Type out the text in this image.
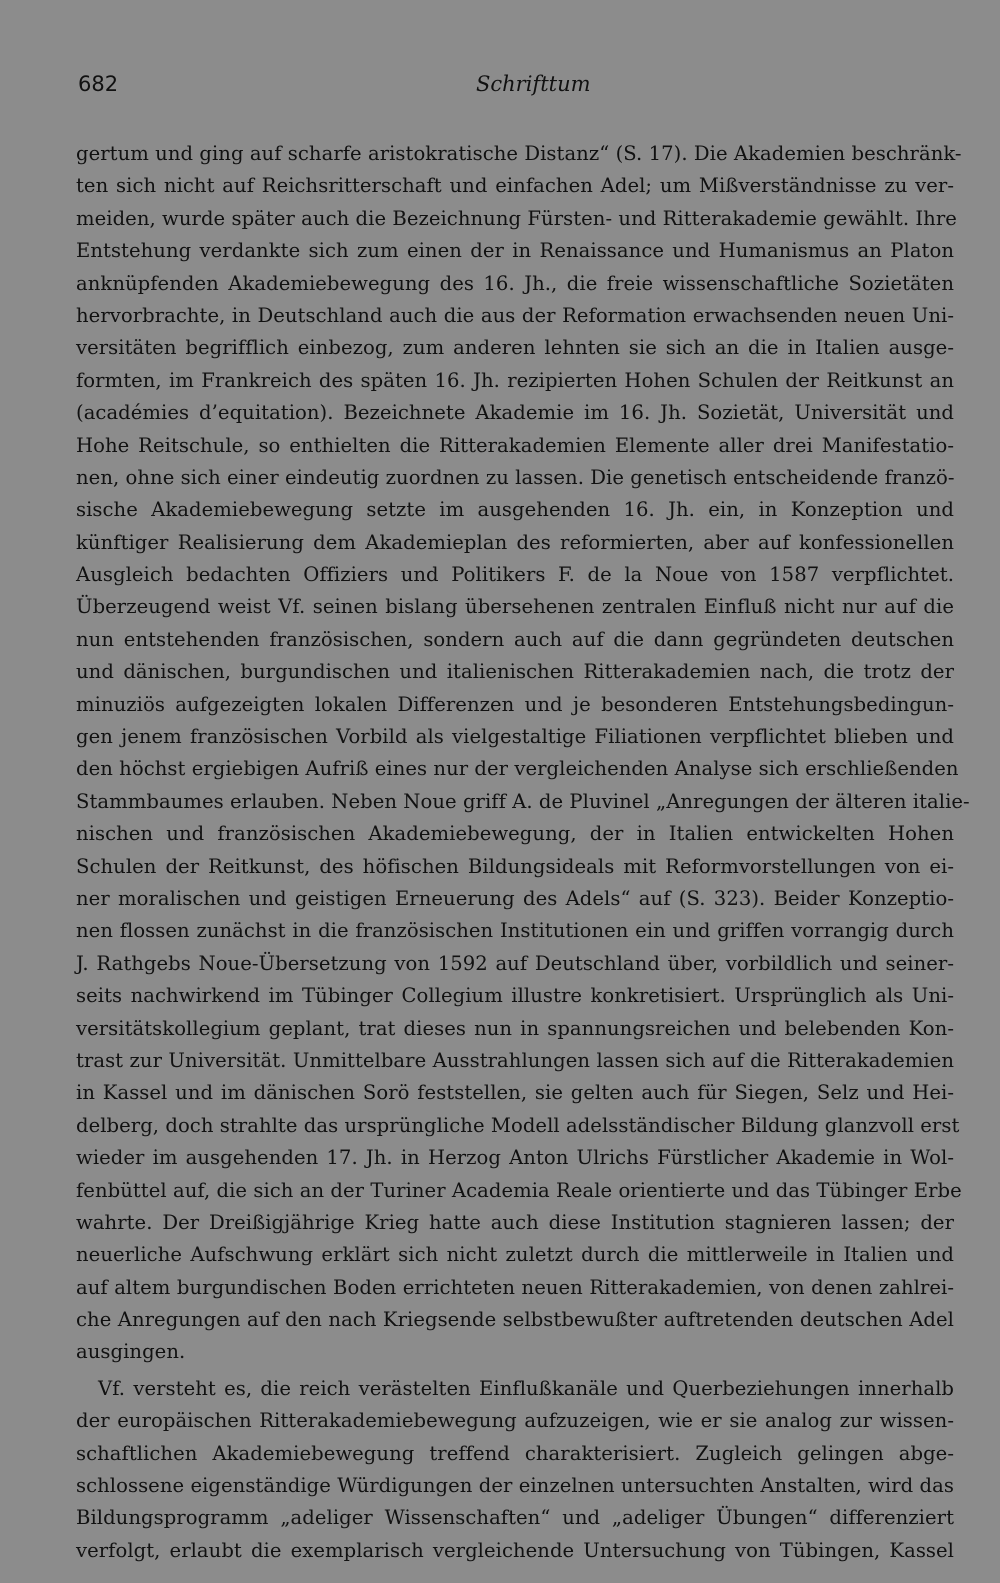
682	Schrifttum
gertum und ging auf scharfe aristokratische Distanz“ (S. 17). Die Akademien beschränk-
ten sich nicht auf Reichsritterschaft und einfachen Adel; um Mißverständnisse zu ver-
meiden, wurde später auch die Bezeichnung Fürsten- und Ritterakademie gewählt. Ihre
Entstehung verdankte sich zum einen der in Renaissance und Humanismus an Platon
anknüpfenden Akademiebewegung des 16. Jh., die freie wissenschaftliche Sozietäten
hervorbrachte, in Deutschland auch die aus der Reformation erwachsenden neuen Uni-
versitäten begrifflich einbezog, zum anderen lehnten sie sich an die in Italien ausge-
formten, im Frankreich des späten 16. Jh. rezipierten Hohen Schulen der Reitkunst an
(académies d’equitation). Bezeichnete Akademie im 16. Jh. Sozietät, Universität und
Hohe Reitschule, so enthielten die Ritterakademien Elemente aller drei Manifestatio-
nen, ohne sich einer eindeutig zuordnen zu lassen. Die genetisch entscheidende franzö-
sische Akademiebewegung setzte im ausgehenden 16. Jh. ein, in Konzeption und
künftiger Realisierung dem Akademieplan des reformierten, aber auf konfessionellen
Ausgleich bedachten Offiziers und Politikers F. de la Noue von 1587 verpflichtet.
Überzeugend weist Vf. seinen bislang übersehenen zentralen Einfluß nicht nur auf die
nun entstehenden französischen, sondern auch auf die dann gegründeten deutschen
und dänischen, burgundischen und italienischen Ritterakademien nach, die trotz der
minuziös aufgezeigten lokalen Differenzen und je besonderen Entstehungsbedingun-
gen jenem französischen Vorbild als vielgestaltige Filiationen verpflichtet blieben und
den höchst ergiebigen Aufriß eines nur der vergleichenden Analyse sich erschließenden
Stammbaumes erlauben. Neben Noue griff A. de Pluvinel „Anregungen der älteren italie-
nischen und französischen Akademiebewegung, der in Italien entwickelten Hohen
Schulen der Reitkunst, des höfischen Bildungsideals mit Reformvorstellungen von ei-
ner moralischen und geistigen Erneuerung des Adels“ auf (S. 323). Beider Konzeptio-
nen flossen zunächst in die französischen Institutionen ein und griffen vorrangig durch
J. Rathgebs Noue-Übersetzung von 1592 auf Deutschland über, vorbildlich und seiner-
seits nachwirkend im Tübinger Collegium illustre konkretisiert. Ursprünglich als Uni-
versitätskollegium geplant, trat dieses nun in spannungsreichen und belebenden Kon-
trast zur Universität. Unmittelbare Ausstrahlungen lassen sich auf die Ritterakademien
in Kassel und im dänischen Sorö feststellen, sie gelten auch für Siegen, Selz und Hei-
delberg, doch strahlte das ursprüngliche Modell adelsständischer Bildung glanzvoll erst
wieder im ausgehenden 17. Jh. in Herzog Anton Ulrichs Fürstlicher Akademie in Wol-
fenbüttel auf, die sich an der Turiner Academia Reale orientierte und das Tübinger Erbe
wahrte. Der Dreißigjährige Krieg hatte auch diese Institution stagnieren lassen; der
neuerliche Aufschwung erklärt sich nicht zuletzt durch die mittlerweile in Italien und
auf altem burgundischen Boden errichteten neuen Ritterakademien, von denen zahlrei-
che Anregungen auf den nach Kriegsende selbstbewußter auftretenden deutschen Adel
ausgingen.
Vf. versteht es, die reich verästelten Einflußkanäle und Querbeziehungen innerhalb
der europäischen Ritterakademiebewegung aufzuzeigen, wie er sie analog zur wissen-
schaftlichen Akademiebewegung treffend charakterisiert. Zugleich gelingen abge-
schlossene eigenständige Würdigungen der einzelnen untersuchten Anstalten, wird das
Bildungsprogramm „adeliger Wissenschaften“ und „adeliger Übungen“ differenziert
verfolgt, erlaubt die exemplarisch vergleichende Untersuchung von Tübingen, Kassel
